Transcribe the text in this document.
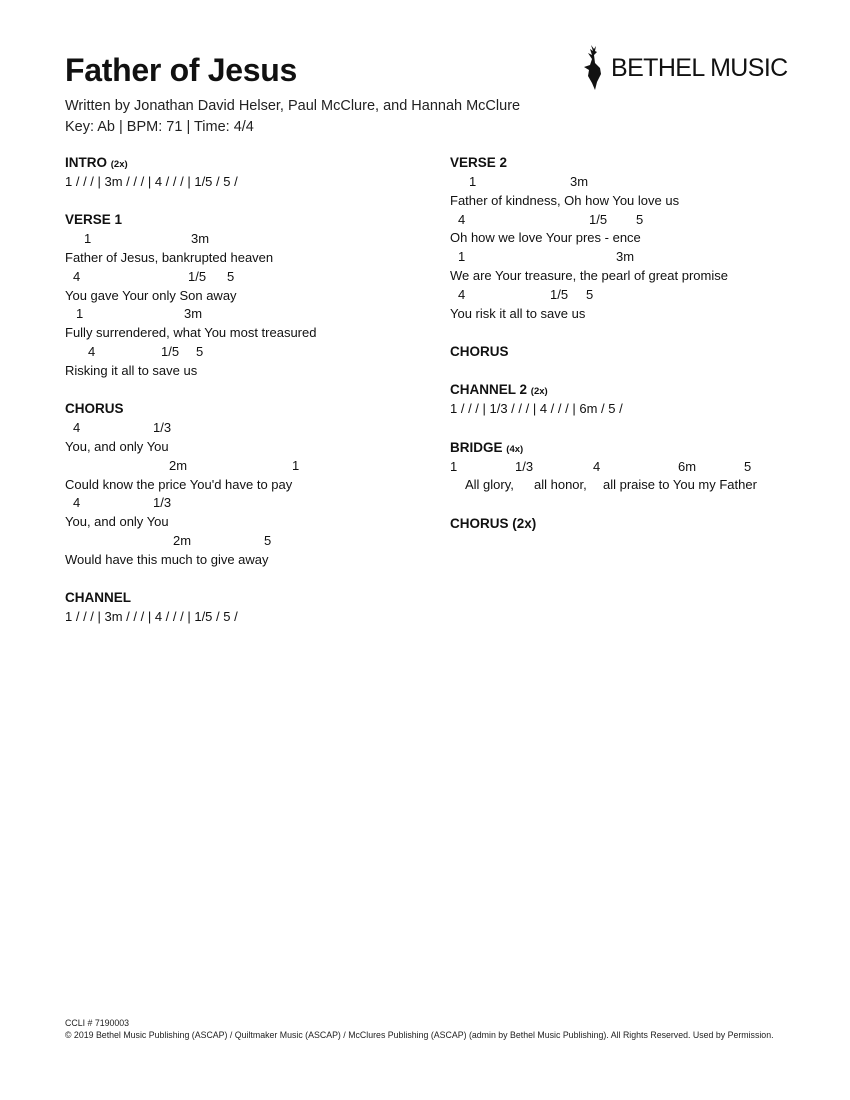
Father of Jesus	BETHEL MUSIC
Written by Jonathan David Helser, Paul McClure, and Hannah McClure
Key: Ab | BPM: 71 | Time: 4/4
INTRO (2x)
1 / / / | 3m / / / | 4 / / / | 1/5 / 5 /
VERSE 1

1

	3m

Father of Jesus, bankrupted heaven

4

	1/5

5

You gave Your only Son away

1

	3m

Fully surrendered, what You most treasured

4

	1/5

5

Risking it all to save us
CHORUS

4

	1/3

You, and only You

2m

	1

Could know the price You'd have to pay

4

	1/3

You, and only You

2m

	5

Would have this much to give away
CHANNEL
1 / / / | 3m / / / | 4 / / / | 1/5 / 5 /
VERSE 2

1

	3m

Father of kindness, Oh how You love us

4

	1/5

5

Oh how we love Your pres - ence

1

	3m

We are Your treasure, the pearl of great promise

4

	1/5

5

You risk it all to save us
CHORUS
CHANNEL 2 (2x)
1 / / / | 1/3 / / / | 4 / / / | 6m / 5 /
BRIDGE (4x)

1

	1/3

	4

	6m

	5

All glory,

all honor,

all praise to You my Father

CHORUS (2x)
CCLI # 7190003
© 2019 Bethel Music Publishing (ASCAP) / Quiltmaker Music (ASCAP) / McClures Publishing (ASCAP) (admin by Bethel Music Publishing). All Rights Reserved. Used by Permission.
